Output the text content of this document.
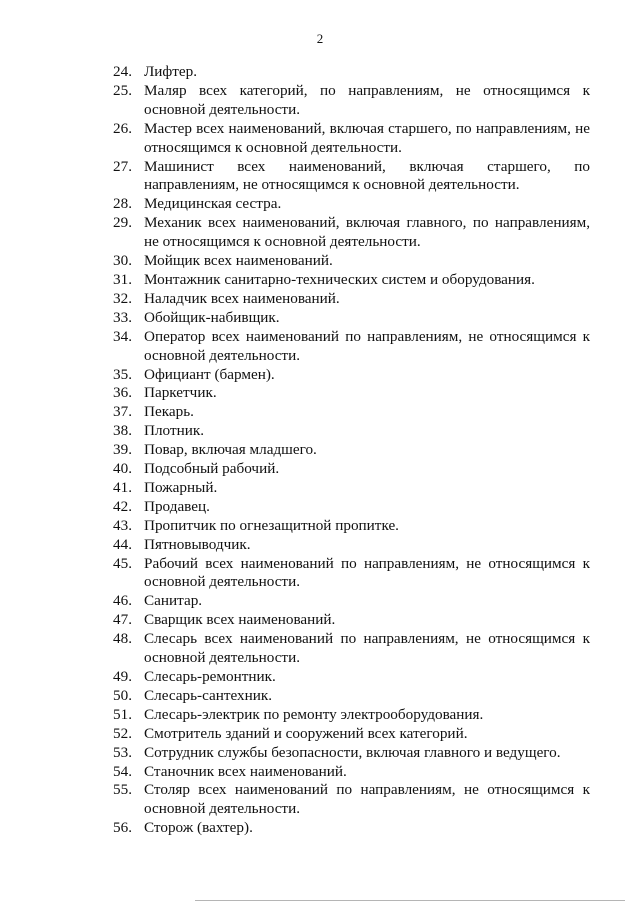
2
24. Лифтер.
25. Маляр всех категорий, по направлениям, не относящимся к основной деятельности.
26. Мастер всех наименований, включая старшего, по направлениям, не относящимся к основной деятельности.
27. Машинист всех наименований, включая старшего, по направлениям, не относящимся к основной деятельности.
28. Медицинская сестра.
29. Механик всех наименований, включая главного, по направлениям, не относящимся к основной деятельности.
30. Мойщик всех наименований.
31. Монтажник санитарно-технических систем и оборудования.
32. Наладчик всех наименований.
33. Обойщик-набивщик.
34. Оператор всех наименований по направлениям, не относящимся к основной деятельности.
35. Официант (бармен).
36. Паркетчик.
37. Пекарь.
38. Плотник.
39. Повар, включая младшего.
40. Подсобный рабочий.
41. Пожарный.
42. Продавец.
43. Пропитчик по огнезащитной пропитке.
44. Пятновыводчик.
45. Рабочий всех наименований по направлениям, не относящимся к основной деятельности.
46. Санитар.
47. Сварщик всех наименований.
48. Слесарь всех наименований по направлениям, не относящимся к основной деятельности.
49. Слесарь-ремонтник.
50. Слесарь-сантехник.
51. Слесарь-электрик по ремонту электрооборудования.
52. Смотритель зданий и сооружений всех категорий.
53. Сотрудник службы безопасности, включая главного и ведущего.
54. Станочник всех наименований.
55. Столяр всех наименований по направлениям, не относящимся к основной деятельности.
56. Сторож (вахтер).
